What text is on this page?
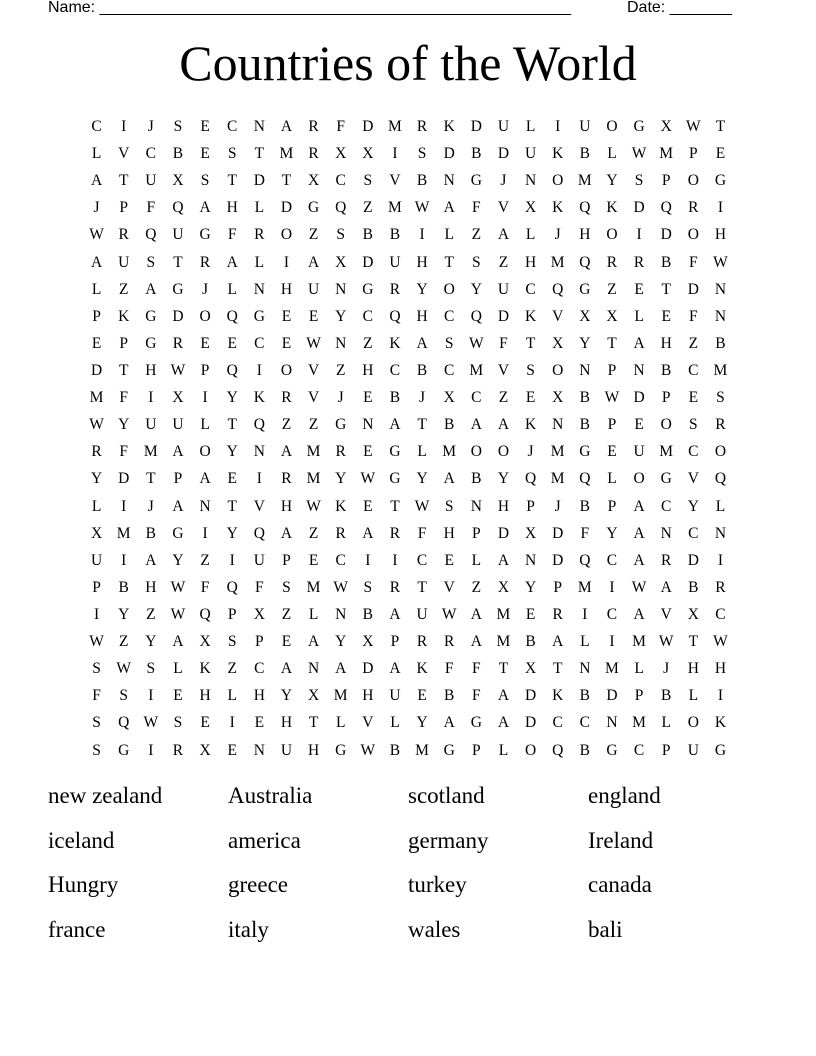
Name: _____________________________________________________	Date: _______
Countries of the World
C	I	J	S	E	C	N	A	R	F	D M R	K	D	U	L	I	U	O	G	X W T
L	V	C	B	E	S	T M R	X	X	I	S	D	B	D	U	K	B	L W M	P	E
A	T	U	X	S	T	D	T	X	C	S	V	B	N	G	J	N	O M Y	S	P	O	G
J	P	F	Q	A	H	L	D	G	Q	Z M W A	F	V	X	K	Q	K	D	Q	R	I
W R	Q	U	G	F	R	O	Z	S	B	B	I	L	Z	A	L	J	H	O	I	D	O	H
A	U	S	T	R	A	L	I	A	X	D	U	H	T	S	Z	H M Q	R	R	B	F W
L	Z	A	G	J	L	N	H	U	N	G	R	Y	O	Y	U	C	Q	G	Z	E	T	D	N
P	K	G	D	O	Q	G	E	E	Y	C	Q	H	C	Q	D	K	V	X	X	L	E	F	N
E	P	G	R	E	E	C	E W N	Z	K	A	S W	F	T	X	Y	T	A	H	Z	B
D	T	H W	P	Q	I	O	V	Z	H	C	B	C M V	S	O	N	P	N	B	C M
M	F	I	X	I	Y	K	R	V	J	E	B	J	X	C	Z	E	X	B W D	P	E	S
W Y	U	U	L	T	Q	Z	Z	G	N	A	T	B	A	A	K	N	B	P	E	O	S	R
R	F	M A	O	Y	N	A M R	E	G	L M O	O	J	M G	E	U M C	O
Y	D	T	P	A	E	I	R M Y W G	Y	A	B	Y	Q M Q	L	O	G	V	Q
L	I	J	A	N	T	V	H W K	E	T W	S	N	H	P	J	B	P	A	C	Y	L
X M B	G	I	Y	Q	A	Z	R	A	R	F	H	P	D	X	D	F	Y	A	N	C	N
U	I	A	Y	Z	I	U	P	E	C	I	I	C	E	L	A	N	D	Q	C	A	R	D	I
P	B	H W	F	Q	F	S	M W	S	R	T	V	Z	X	Y	P	M	I	W A	B	R
I	Y	Z W Q	P	X	Z	L	N	B	A	U W A M	E	R	I	C	A	V	X	C
W Z	Y	A	X	S	P	E	A	Y	X	P	R	R	A M B	A	L	I	M W T W
S W	S	L	K	Z	C	A	N	A	D	A	K	F	F	T	X	T	N M	L	J	H	H
F	S	I	E	H	L	H	Y	X M H	U	E	B	F	A	D	K	B	D	P	B	L	I
S	Q W	S	E	I	E	H	T	L	V	L	Y	A	G	A	D	C	C	N M	L	O	K
S	G	I	R	X	E	N	U	H	G W B M G	P	L	O	Q	B	G	C	P	U	G
new zealand	Australia	scotland	england
iceland	america	germany	Ireland
Hungry	greece	turkey	canada
france	italy	wales	bali
